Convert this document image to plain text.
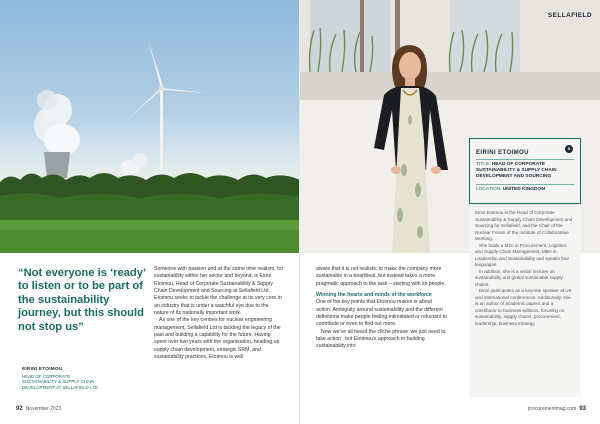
“Not everyone is ‘ready’ to listen or to be part of the sustainability journey, but this should not stop us”
EIRINI ETOIMOU
HEAD OF CORPORATE SUSTAINABILITY & SUPPLY CHAIN DEVELOPMENT AT SELLAFIELD LTD

Someone with passion and at the same time realism, for sustainability within her sector and beyond, is Eirini Etoimou, Head of Corporate Sustainability & Supply Chain Development and Sourcing at Sellafield Ltd. Etoimou seeks to tackle the challenge at its very core in an industry that is under a watchful eye due to the nature of its nationally important work.

As one of the key centres for nuclear engineering management, Sellafield Ltd is tackling the legacy of the past and building a capability for the future. Having spent over two years with the organisation, heading up supply chain development, strategic SRM, and sustainability practices, Etoimou is well

92 November 2023
SELLAFIELD
S
EIRINI ETOIMOU
TITLE: HEAD OF CORPORATE SUSTAINABILITY & SUPPLY CHAIN DEVELOPMENT AND SOURCING
LOCATION: UNITED KINGDOM

Eirini Etoimou is the Head of Corporate Sustainability & Supply Chain Development and Sourcing for Sellafield, and the Chair of the Nuclear Forum of the Institute of Collaborative Working.

She holds a MSc in Procurement, Logistics and Supply Chain Management, MBA in Leadership and Sustainability and speaks four languages.

In addition, she is a visitor lecturer on sustainability and global sustainable supply chains.

Eirini participates as a keynote speaker at UK and international conferences. Additionally, she is an author of academic papers and a contributor to business editions, focusing on sustainability, supply chains, procurement, leadership, business strategy.

aware that it is not realistic to make the company more sustainable in a heartbeat, but instead takes a more pragmatic approach to the task – starting with its people.

Winning the hearts and minds of the workforce

One of the key points that Etoimou makes is about action. Ambiguity around sustainability and the different definitions make people feeling intimidated or reluctant to contribute or even to find out more.

Now we’ve all heard the cliche phrase ‘we just need to take action’, but Etoimou’s approach to building sustainability into

procurementmag.com 93
